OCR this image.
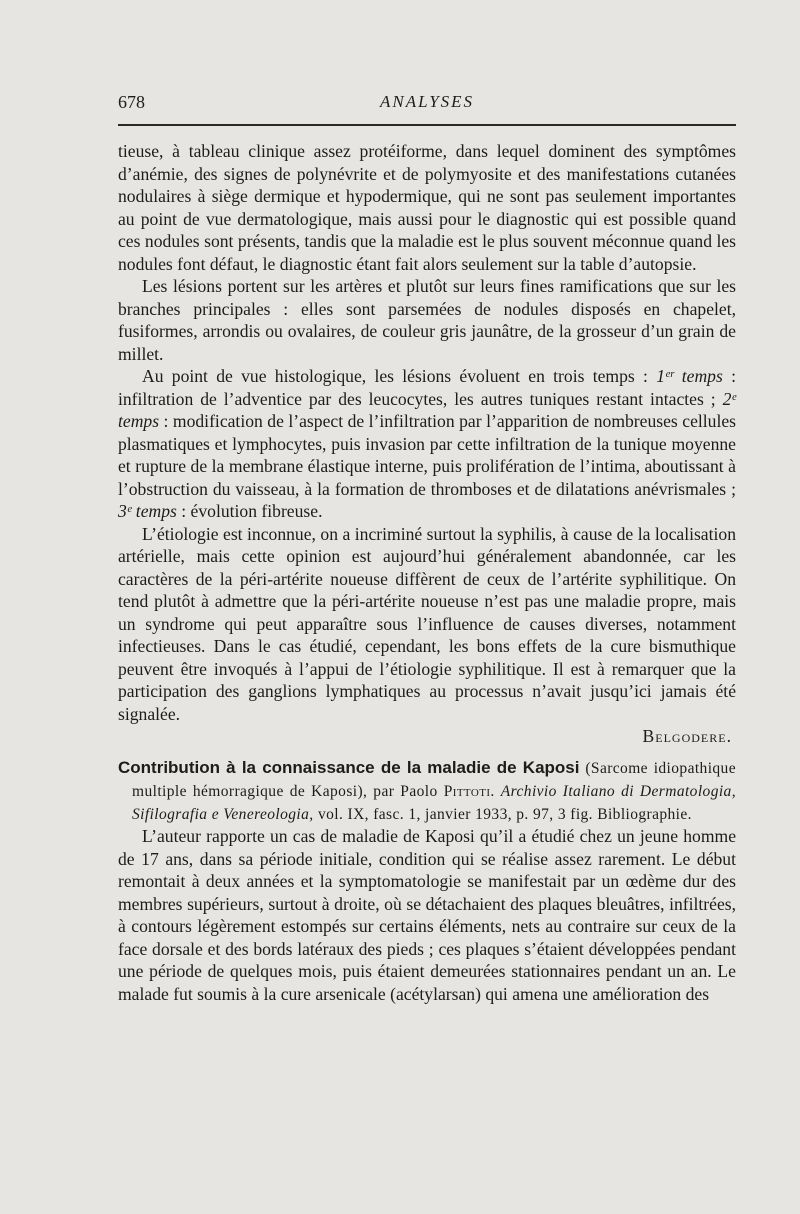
678	ANALYSES

tieuse, à tableau clinique assez protéiforme, dans lequel dominent des symptômes d’anémie, des signes de polynévrite et de polymyosite et des manifestations cutanées nodulaires à siège dermique et hypodermique, qui ne sont pas seulement importantes au point de vue dermatologique, mais aussi pour le diagnostic qui est possible quand ces nodules sont présents, tandis que la maladie est le plus souvent méconnue quand les nodules font défaut, le diagnostic étant fait alors seulement sur la table d’autopsie.

Les lésions portent sur les artères et plutôt sur leurs fines ramifications que sur les branches principales : elles sont parsemées de nodules disposés en chapelet, fusiformes, arrondis ou ovalaires, de couleur gris jaunâtre, de la grosseur d’un grain de millet.

Au point de vue histologique, les lésions évoluent en trois temps : 1ᵉʳ temps : infiltration de l’adventice par des leucocytes, les autres tuniques restant intactes ; 2ᵉ temps : modification de l’aspect de l’infiltration par l’apparition de nombreuses cellules plasmatiques et lymphocytes, puis invasion par cette infiltration de la tunique moyenne et rupture de la membrane élastique interne, puis prolifération de l’intima, aboutissant à l’obstruction du vaisseau, à la formation de thromboses et de dilatations anévrismales ; 3ᵉ temps : évolution fibreuse.

L’étiologie est inconnue, on a incriminé surtout la syphilis, à cause de la localisation artérielle, mais cette opinion est aujourd’hui généralement abandonnée, car les caractères de la péri-artérite noueuse diffèrent de ceux de l’artérite syphilitique. On tend plutôt à admettre que la péri-artérite noueuse n’est pas une maladie propre, mais un syndrome qui peut apparaître sous l’influence de causes diverses, notamment infectieuses. Dans le cas étudié, cependant, les bons effets de la cure bismuthique peuvent être invoqués à l’appui de l’étiologie syphilitique. Il est à remarquer que la participation des ganglions lymphatiques au processus n’avait jusqu’ici jamais été signalée.

Belgodere.

Contribution à la connaissance de la maladie de Kaposi (Sarcome idiopathique multiple hémorragique de Kaposi), par Paolo Pittoti. Archivio Italiano di Dermatologia, Sifilografia e Venereologia, vol. IX, fasc. 1, janvier 1933, p. 97, 3 fig. Bibliographie.

L’auteur rapporte un cas de maladie de Kaposi qu’il a étudié chez un jeune homme de 17 ans, dans sa période initiale, condition qui se réalise assez rarement. Le début remontait à deux années et la symptomatologie se manifestait par un œdème dur des membres supérieurs, surtout à droite, où se détachaient des plaques bleuâtres, infiltrées, à contours légèrement estompés sur certains éléments, nets au contraire sur ceux de la face dorsale et des bords latéraux des pieds ; ces plaques s’étaient développées pendant une période de quelques mois, puis étaient demeurées stationnaires pendant un an. Le malade fut soumis à la cure arsenicale (acétylarsan) qui amena une amélioration des
